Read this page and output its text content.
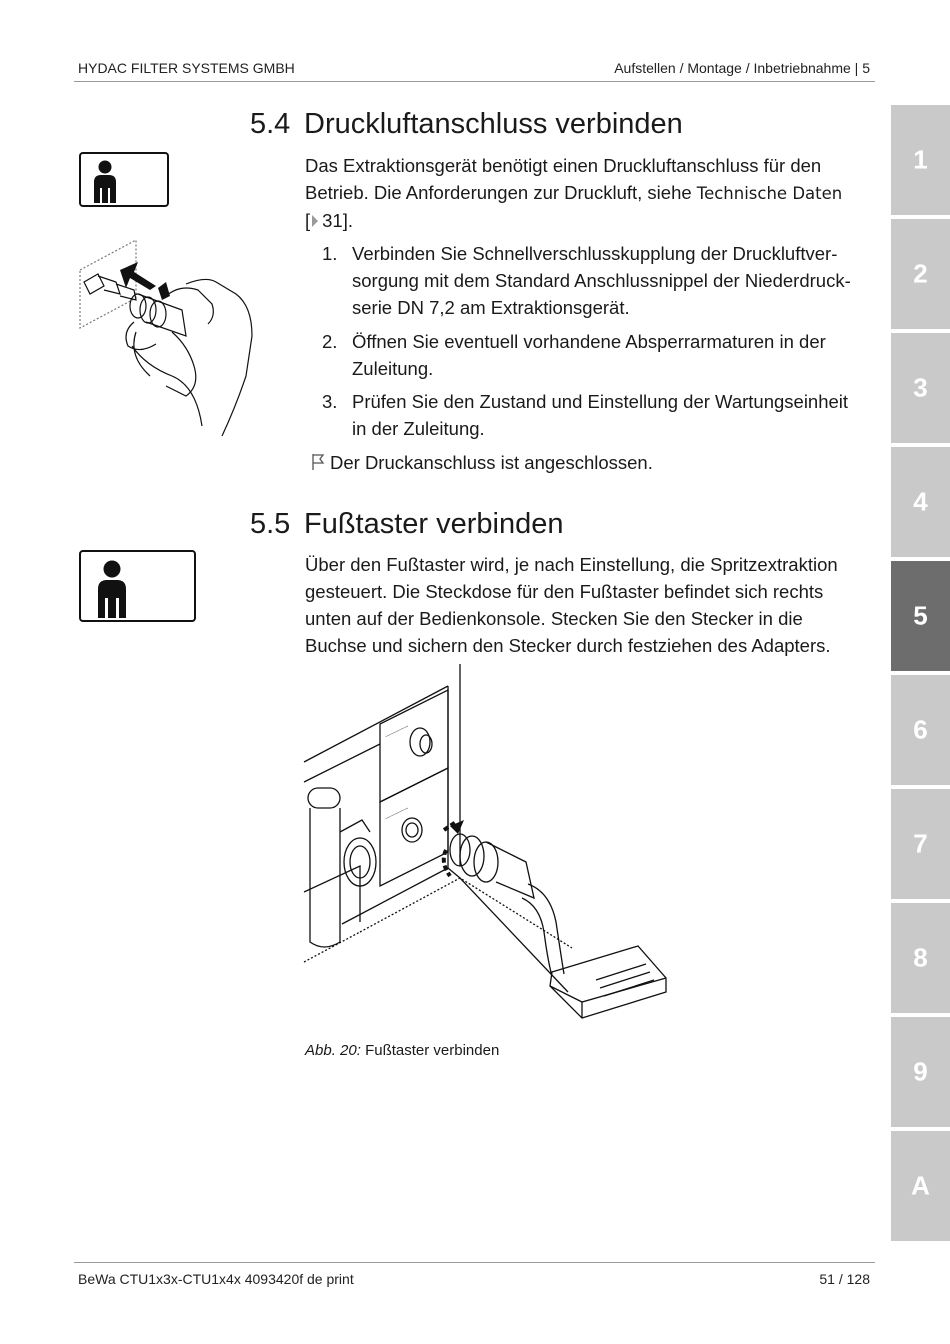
HYDAC FILTER SYSTEMS GMBH	Aufstellen / Montage / Inbetriebnahme | 5
5.4 Druckluftanschluss verbinden
Das Extraktionsgerät benötigt einen Druckluftanschluss für den
Betrieb. Die Anforderungen zur Druckluft, siehe Technische Daten
[ 31].
1. Verbinden Sie Schnellverschlusskupplung der Druckluftver-
sorgung mit dem Standard Anschlussnippel der Niederdruck-
serie DN 7,2 am Extraktionsgerät.
2. Öffnen Sie eventuell vorhandene Absperrarmaturen in der
Zuleitung.
3. Prüfen Sie den Zustand und Einstellung der Wartungseinheit
in der Zuleitung.
Der Druckanschluss ist angeschlossen.
5.5 Fußtaster verbinden
Über den Fußtaster wird, je nach Einstellung, die Spritzextraktion
gesteuert. Die Steckdose für den Fußtaster befindet sich rechts
unten auf der Bedienkonsole. Stecken Sie den Stecker in die
Buchse und sichern den Stecker durch festziehen des Adapters.
—————
—————
Abb. 20: Fußtaster verbinden
1
2
3
4
5
6
7
8
9
A
BeWa CTU1x3x-CTU1x4x 4093420f de print	51 / 128
